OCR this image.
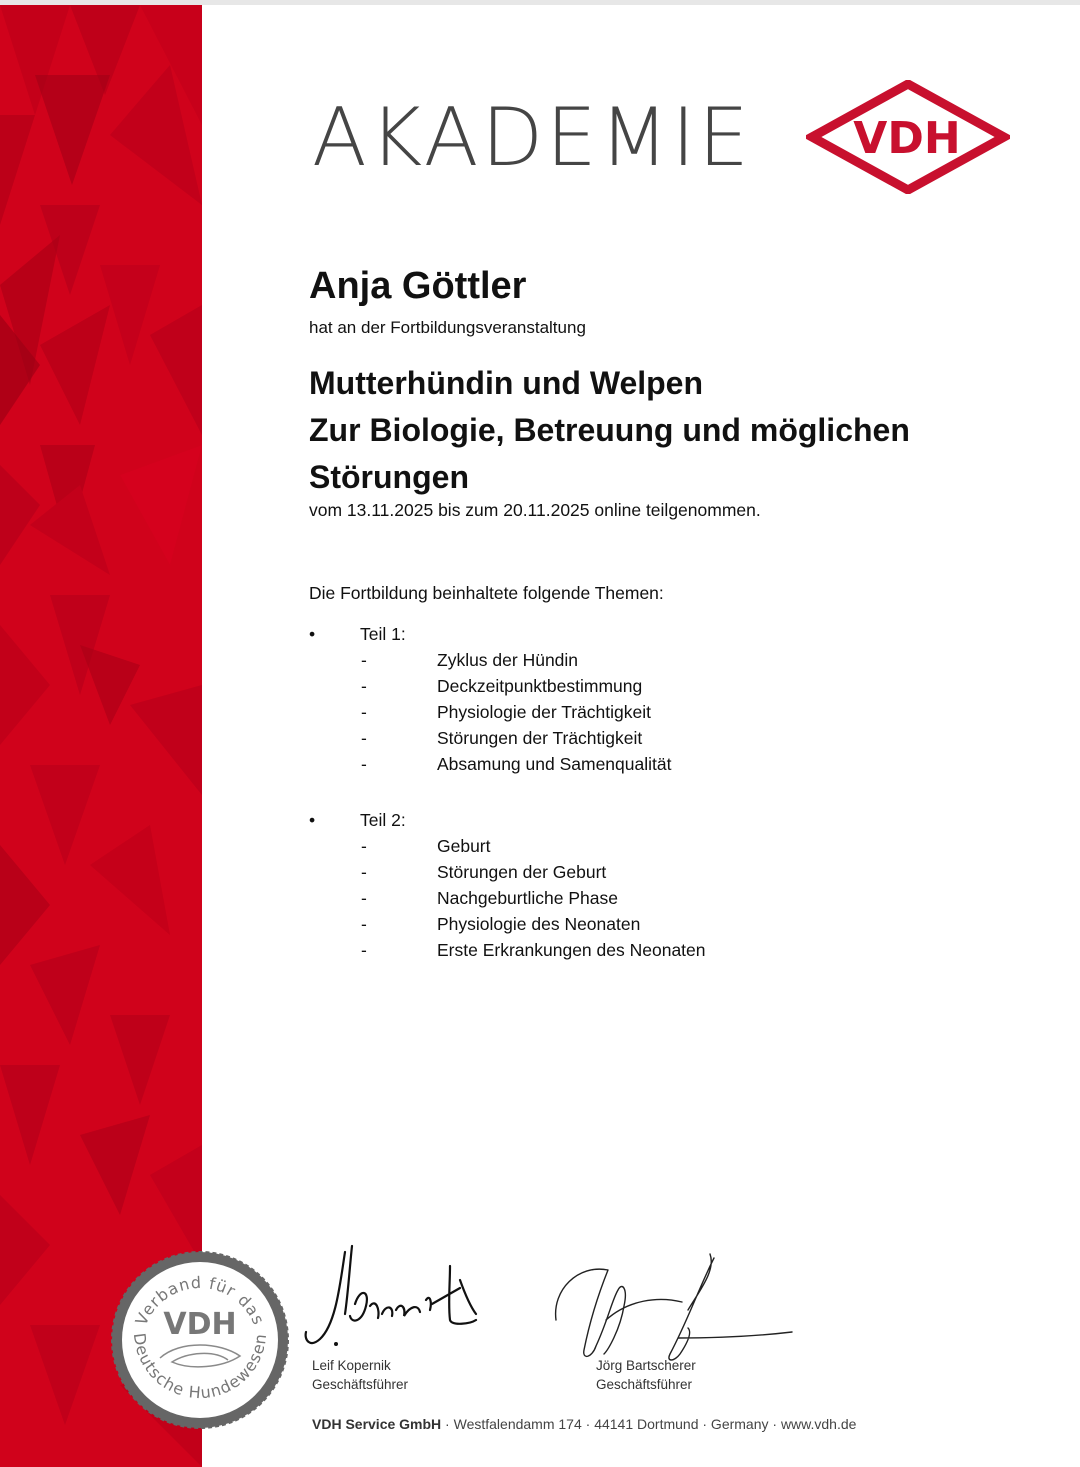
AKADEMIE VDH
Anja Göttler
hat an der Fortbildungsveranstaltung
Mutterhündin und Welpen
Zur Biologie, Betreuung und möglichen
Störungen
vom 13.11.2025 bis zum 20.11.2025 online teilgenommen.
Die Fortbildung beinhaltete folgende Themen:
•	Teil 1:
-	Zyklus der Hündin
-	Deckzeitpunktbestimmung
-	Physiologie der Trächtigkeit
-	Störungen der Trächtigkeit
-	Absamung und Samenqualität
•	Teil 2:
-	Geburt
-	Störungen der Geburt
-	Nachgeburtliche Phase
-	Physiologie des Neonaten
-	Erste Erkrankungen des Neonaten
Verband für das
VDH
Deutsche Hundewesen
Leif Kopernik
Geschäftsführer
Jörg Bartscherer
Geschäftsführer
VDH Service GmbH · Westfalendamm 174 · 44141 Dortmund · Germany · www.vdh.de
